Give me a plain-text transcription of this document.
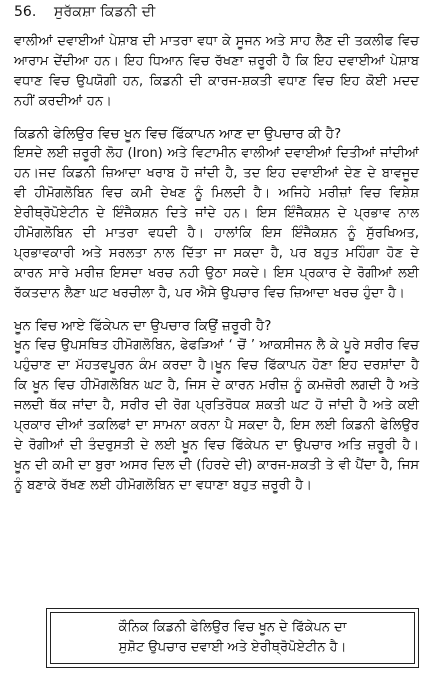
56.	ਸੁਰੱਕਸ਼ਾ ਕਿਡਨੀ ਦੀ

ਵਾਲੀਆਂ ਦਵਾਈਆਂ ਪੇਸ਼ਾਬ ਦੀ ਮਾਤਰਾ ਵਧਾ ਕੇ ਸੂਜਨ ਅਤੇ ਸਾਹ ਲੈਣ ਦੀ ਤਕਲੀਫ ਵਿਚ ਆਰਾਮ ਦੇਂਦੀਆ ਹਨ। ਇਹ ਧਿਆਨ ਵਿਚ ਰੱਖਣਾ ਜ਼ਰੂਰੀ ਹੈ ਕਿ ਇਹ ਦਵਾਈਆਂ ਪੇਸ਼ਾਬ ਵਧਾਣ ਵਿਚ ਉਪਯੋਗੀ ਹਨ, ਕਿਡਨੀ ਦੀ ਕਾਰਜ-ਸ਼ਕਤੀ ਵਧਾਣ ਵਿਚ ਇਹ ਕੋਈ ਮਦਦ ਨਹੀਂ ਕਰਦੀਆਂ ਹਨ।

ਕਿਡਨੀ ਫੇਲਿਉਰ ਵਿਚ ਖੂਨ ਵਿਚ ਫਿੱਕਾਪਨ ਆਣ ਦਾ ਉਪਚਾਰ ਕੀ ਹੈ?

ਇਸਦੇ ਲਈ ਜ਼ਰੂਰੀ ਲੋਹ (Iron) ਅਤੇ ਵਿਟਾਮੀਨ ਵਾਲੀਆਂ ਦਵਾਈਆਂ ਦਿਤੀਆਂ ਜਾਂਦੀਆਂ ਹਨ।ਜਦ ਕਿਡਨੀ ਜ਼ਿਆਦਾ ਖਰਾਬ ਹੋ ਜਾਂਦੀ ਹੈ, ਤਦ ਇਹ ਦਵਾਈਆਂ ਦੇਣ ਦੇ ਬਾਵਜੂਦ ਵੀ ਹੀਮੋਗਲੋਬਿਨ ਵਿਚ ਕਮੀ ਦੇਖਣ ਨੂੰ ਮਿਲਦੀ ਹੈ। ਅਜਿਹੇ ਮਰੀਜ਼ਾਂ ਵਿਚ ਵਿਸ਼ੇਸ਼ ਏਰੀਥ੍ਰੋਪੋਏਟੀਨ ਦੇ ਇੰਜੈਕਸ਼ਨ ਦਿਤੇ ਜਾਂਦੇ ਹਨ। ਇਸ ਇੰਜੈਕਸ਼ਨ ਦੇ ਪ੍ਰਭਾਵ ਨਾਲ ਹੀਮੋਗਲੋਬਿਨ ਦੀ ਮਾਤਰਾ ਵਧਦੀ ਹੈ। ਹਾਲਾਂਕਿ ਇਸ ਇੰਜੈਕਸ਼ਨ ਨੂੰ ਸੁੱਰਖਿਅਤ, ਪ੍ਰਭਾਵਕਾਰੀ ਅਤੇ ਸਰਲਤਾ ਨਾਲ ਦਿੱਤਾ ਜਾ ਸਕਦਾ ਹੈ, ਪਰ ਬਹੁਤ ਮਹਿੰਗਾ ਹੋਣ ਦੇ ਕਾਰਨ ਸਾਰੇ ਮਰੀਜ਼ ਇਸਦਾ ਖਰਚ ਨਹੀ ਉਠਾ ਸਕਦੇ। ਇਸ ਪ੍ਰਕਾਰ ਦੇ ਰੋਗੀਆਂ ਲਈ ਰੱਕਤਦਾਨ ਲੈਣਾ ਘਟ ਖਰਚੀਲਾ ਹੈ, ਪਰ ਐਸੇ ਉਪਚਾਰ ਵਿਚ ਜ਼ਿਆਦਾ ਖਰਚ ਹੁੰਦਾ ਹੈ।

ਖੂਨ ਵਿਚ ਆਏ ਫਿੱਕੇਪਨ ਦਾ ਉਪਚਾਰ ਕਿਉਂ ਜ਼ਰੂਰੀ ਹੈ?

ਖੂਨ ਵਿਚ ਉਪਸਥਿਤ ਹੀਮੋਗਲੋਬਿਨ, ਫੇਫੜਿਆਂ ‘ ਚੋਂ ’ ਆਕਸੀਜਨ ਲੈ ਕੇ ਪੂਰੇ ਸਰੀਰ ਵਿਚ ਪਹੁੰਚਾਣ ਦਾ ਮੱਹਤਵਪੂਰਨ ਕੰਮ ਕਰਦਾ ਹੈ।ਖੂਨ ਵਿਚ ਫਿੱਕਾਪਨ ਹੋਣਾ ਇਹ ਦਰਸ਼ਾਂਦਾ ਹੈ ਕਿ ਖੂਨ ਵਿਚ ਹੀਮੋਗਲੋਬਿਨ ਘਟ ਹੈ, ਜਿਸ ਦੇ ਕਾਰਨ ਮਰੀਜ਼ ਨੂੰ ਕਮਜ਼ੋਰੀ ਲਗਦੀ ਹੈ ਅਤੇ ਜਲਦੀ ਥੱਕ ਜਾਂਦਾ ਹੈ, ਸਰੀਰ ਦੀ ਰੋਗ ਪ੍ਰਤਿਰੋਧਕ ਸ਼ਕਤੀ ਘਟ ਹੋ ਜਾਂਦੀ ਹੈ ਅਤੇ ਕਈ ਪ੍ਰਕਾਰ ਦੀਆਂ ਤਕਲਿਫਾਂ ਦਾ ਸਾਮਨਾ ਕਰਨਾ ਪੈ ਸਕਦਾ ਹੈ, ਇਸ ਲਈ ਕਿਡਨੀ ਫੇਲਿਉਰ ਦੇ ਰੋਗੀਆਂ ਦੀ ਤੰਦਰੁਸਤੀ ਦੇ ਲਈ ਖੂਨ ਵਿਚ ਫਿੱਕੇਪਨ ਦਾ ਉਪਚਾਰ ਅਤਿ ਜ਼ਰੂਰੀ ਹੈ। ਖੂਨ ਦੀ ਕਮੀ ਦਾ ਬੁਰਾ ਅਸਰ ਦਿਲ ਦੀ (ਹਿਰਦੇ ਦੀ) ਕਾਰਜ-ਸ਼ਕਤੀ ਤੇ ਵੀ ਪੈਂਦਾ ਹੈ, ਜਿਸ ਨੂੰ ਬਣਾਕੇ ਰੱਖਣ ਲਈ ਹੀਮੋਗਲੋਬਿਨ ਦਾ ਵਧਾਣਾ ਬਹੁਤ ਜ਼ਰੂਰੀ ਹੈ।

ਕੌਨਿਕ ਕਿਡਨੀ ਫੇਲਿਉਰ ਵਿਚ ਖੂਨ ਦੇ ਫਿੱਕੇਪਨ ਦਾ
ਸੁਸ਼ੋਟ ਉਪਚਾਰ ਦਵਾਈ ਅਤੇ ਏਰੀਥ੍ਰੋਪੋਏਟੀਨ ਹੈ।
